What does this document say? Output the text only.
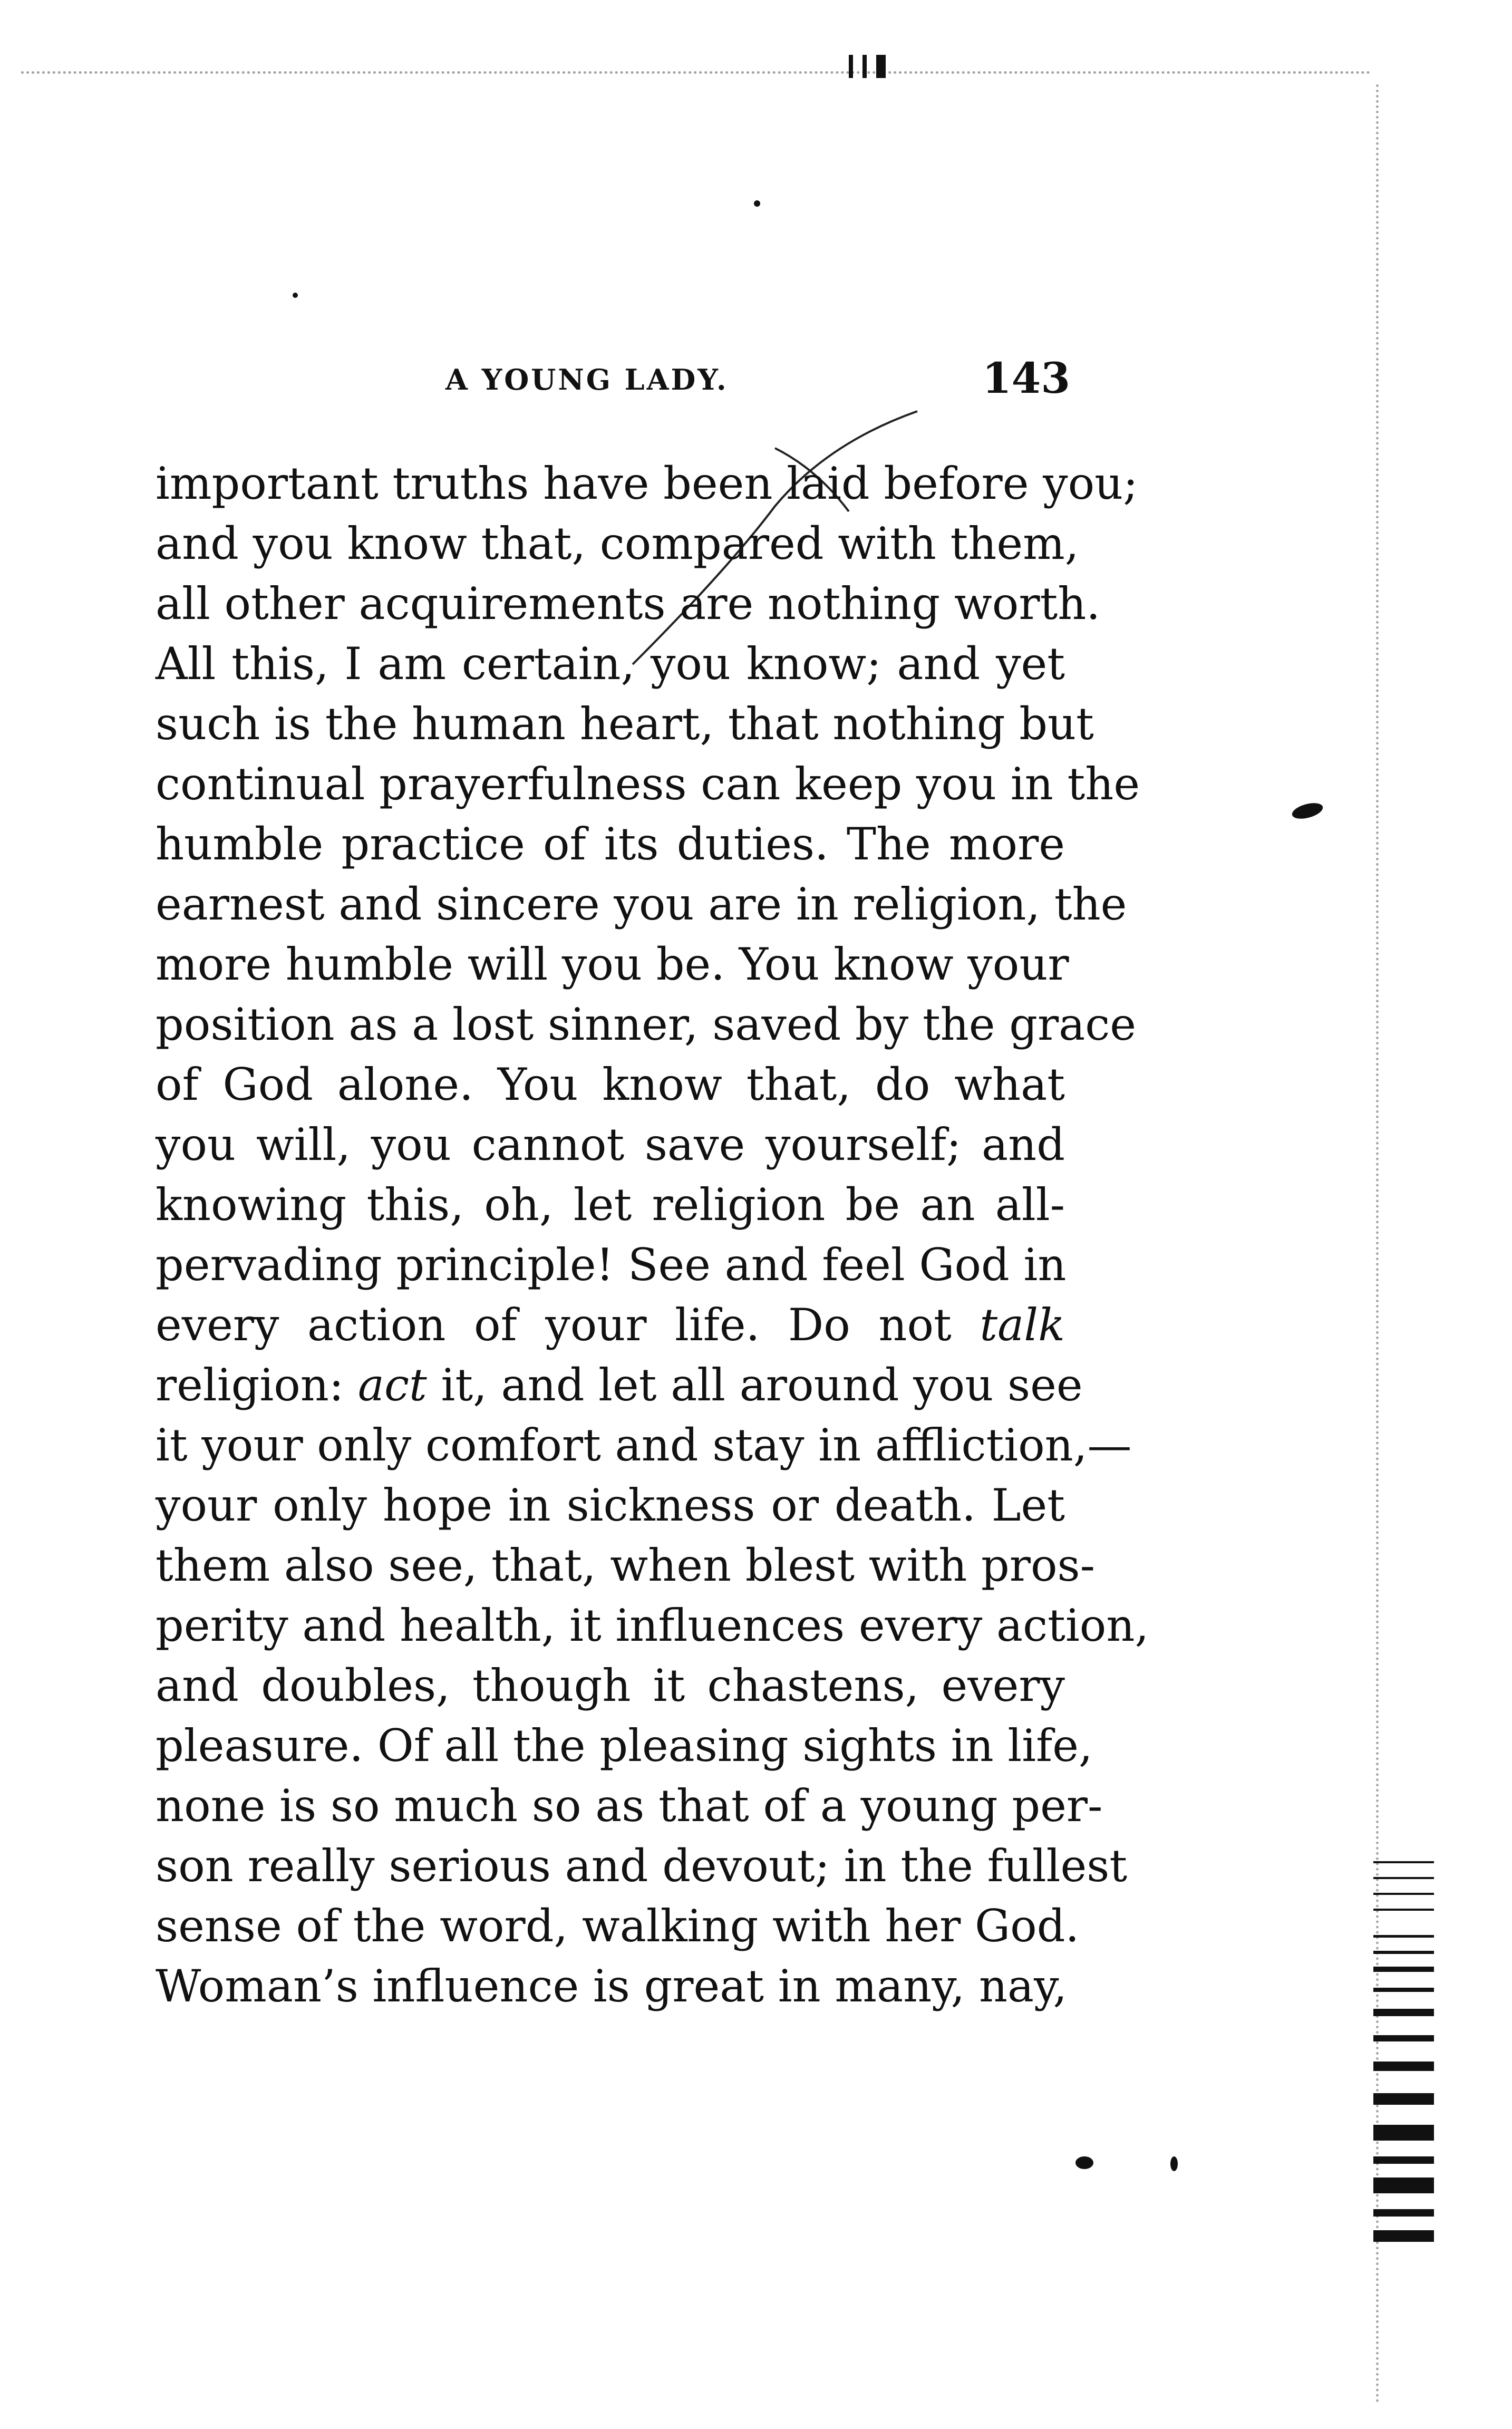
A YOUNG LADY.	143
important truths have been laid before you;
and you know that, compared with them,
all other acquirements are nothing worth.
All this, I am certain, you know; and yet
such is the human heart, that nothing but
continual prayerfulness can keep you in the
humble practice of its duties. The more
earnest and sincere you are in religion, the
more humble will you be. You know your
position as a lost sinner, saved by the grace
of God alone. You know that, do what
you will, you cannot save yourself; and
knowing this, oh, let religion be an all-
pervading principle! See and feel God in
every action of your life. Do not talk
religion: act it, and let all around you see
it your only comfort and stay in affliction,—
your only hope in sickness or death. Let
them also see, that, when blest with pros-
perity and health, it influences every action,
and doubles, though it chastens, every
pleasure. Of all the pleasing sights in life,
none is so much so as that of a young per-
son really serious and devout; in the fullest
sense of the word, walking with her God.
Woman’s influence is great in many, nay,
